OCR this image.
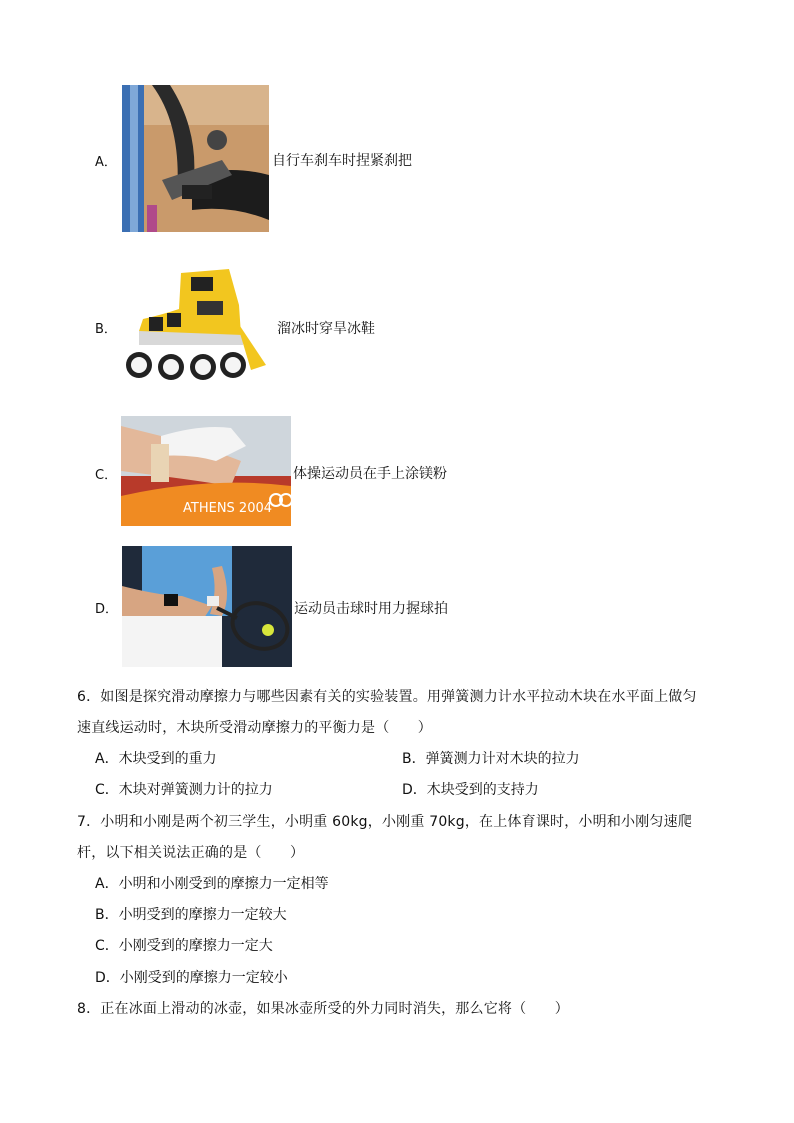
A．	自行车刹车时捏紧刹把
B．	溜冰时穿旱冰鞋
C．
ATHENS 2004
体操运动员在手上涂镁粉
D．	运动员击球时用力握球拍
6．如图是探究滑动摩擦力与哪些因素有关的实验装置。用弹簧测力计水平拉动木块在水平面上做匀
速直线运动时，木块所受滑动摩擦力的平衡力是（　　）
A．木块受到的重力	B．弹簧测力计对木块的拉力
C．木块对弹簧测力计的拉力	D．木块受到的支持力
7．小明和小刚是两个初三学生，小明重 60kg，小刚重 70kg，在上体育课时，小明和小刚匀速爬
杆，以下相关说法正确的是（　　）
A．小明和小刚受到的摩擦力一定相等
B．小明受到的摩擦力一定较大
C．小刚受到的摩擦力一定大
D．小刚受到的摩擦力一定较小
8．正在冰面上滑动的冰壶，如果冰壶所受的外力同时消失，那么它将（　　）
